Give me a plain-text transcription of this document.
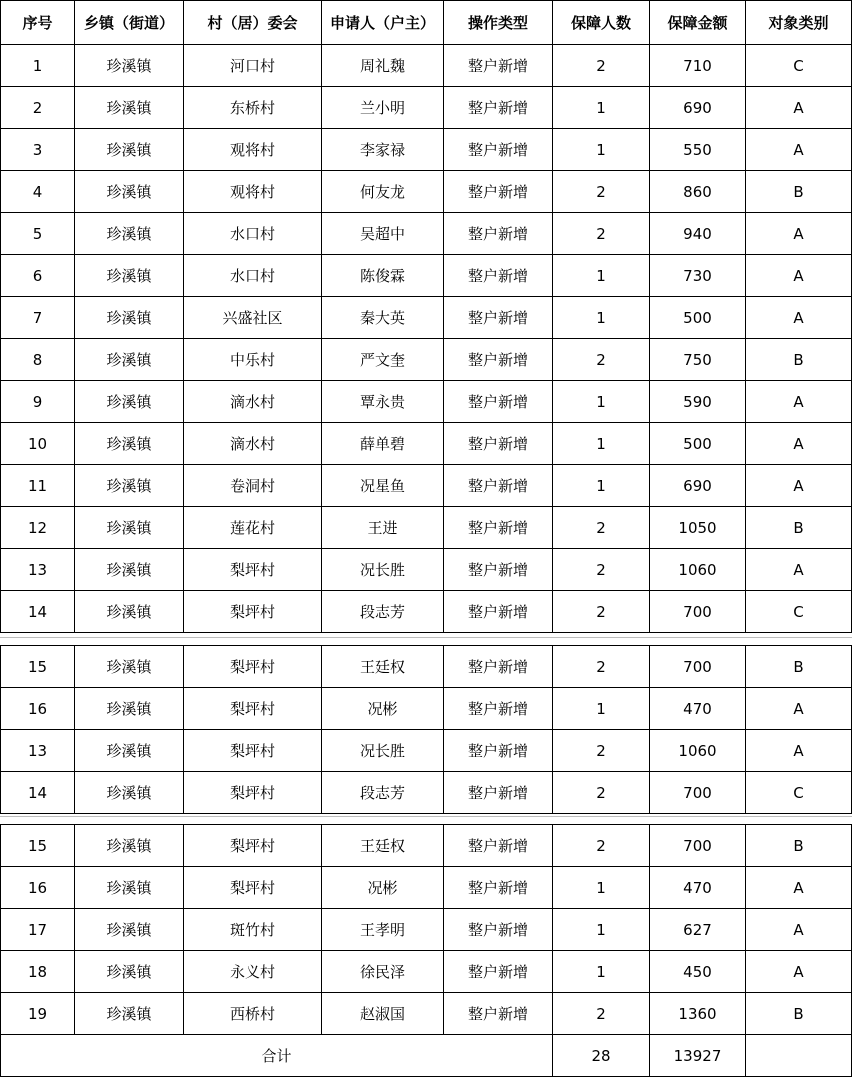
序号	乡镇（街道）	村（居）委会	申请人（户主）	操作类型	保障人数	保障金额	对象类别
1	珍溪镇	河口村	周礼魏	整户新增	2	710	C
2	珍溪镇	东桥村	兰小明	整户新增	1	690	A
3	珍溪镇	观将村	李家禄	整户新增	1	550	A
4	珍溪镇	观将村	何友龙	整户新增	2	860	B
5	珍溪镇	水口村	吴超中	整户新增	2	940	A
6	珍溪镇	水口村	陈俊霖	整户新增	1	730	A
7	珍溪镇	兴盛社区	秦大英	整户新增	1	500	A
8	珍溪镇	中乐村	严文奎	整户新增	2	750	B
9	珍溪镇	滴水村	覃永贵	整户新增	1	590	A
10	珍溪镇	滴水村	薛单碧	整户新增	1	500	A
11	珍溪镇	卷洞村	况星鱼	整户新增	1	690	A
12	珍溪镇	莲花村	王进	整户新增	2	1050	B
13	珍溪镇	梨坪村	况长胜	整户新增	2	1060	A
14	珍溪镇	梨坪村	段志芳	整户新增	2	700	C
15	珍溪镇	梨坪村	王廷权	整户新增	2	700	B
16	珍溪镇	梨坪村	况彬	整户新增	1	470	A
13	珍溪镇	梨坪村	况长胜	整户新增	2	1060	A
14	珍溪镇	梨坪村	段志芳	整户新增	2	700	C
15	珍溪镇	梨坪村	王廷权	整户新增	2	700	B
16	珍溪镇	梨坪村	况彬	整户新增	1	470	A
17	珍溪镇	斑竹村	王孝明	整户新增	1	627	A
18	珍溪镇	永义村	徐民泽	整户新增	1	450	A
19	珍溪镇	西桥村	赵淑国	整户新增	2	1360	B
合计					28	13927	
